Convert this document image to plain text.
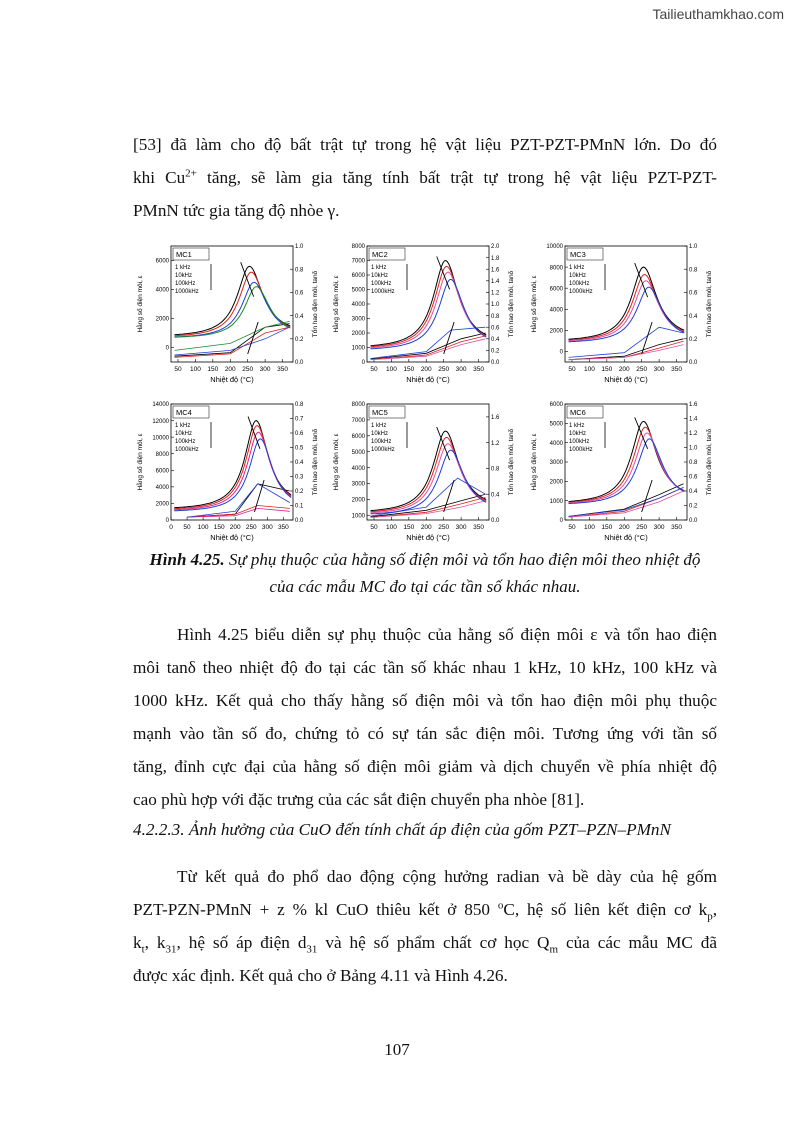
Tailieuthamkhao.com

[53] đã làm cho độ bất trật tự trong hệ vật liệu PZT-PZT-PMnN lớn. Do đó
khi $Cu^{2+}$ tăng, sẽ làm gia tăng tính bất trật tự trong hệ vật liệu PZT-PZT-
PMnN tức gia tăng độ nhòe γ.

50 100 150 200 250 300 350
0
2000
4000
6000
0.0
0.2
0.4
0.6
0.8
1.0
Nhiệt độ (°C)
Hằng số điện môi, ε	Tổn hao điện môi, tanδ
MC1
1 kHz
10kHz
100kHz
1000kHz
50 100 150 200 250 300 350
0
1000
2000
3000
4000
5000
6000
7000
8000
0.0
0.2
0.4
0.6
0.8
1.0
1.2
1.4
1.6
1.8
2.0
Nhiệt độ (°C)
Hằng số điện môi, ε	Tổn hao điện môi, tanδ
MC2
1 kHz
10kHz
100kHz
1000kHz
50 100 150 200 250 300 350
0
2000
4000
6000
8000
10000
0.0
0.2
0.4
0.6
0.8
1.0
Nhiệt độ (°C)
Hằng số điện môi, ε	Tổn hao điện môi, tanδ
MC3
1 kHz
10kHz
100kHz
1000kHz
0 50 100 150 200 250 300 350
0
2000
4000
6000
8000
10000
12000
14000
0.0
0.1
0.2
0.3
0.4
0.5
0.6
0.7
0.8
Nhiệt độ (°C)
Hằng số điện môi, ε	Tổn hao điện môi, tanδ
MC4
1 kHz
10kHz
100kHz
1000kHz
50 100 150 200 250 300 350
1000
2000
3000
4000
5000
6000
7000
8000
0.0
0.4
0.8
1.2
1.6
Nhiệt độ (°C)
Hằng số điện môi, ε	Tổn hao điện môi, tanδ
MC5
1 kHz
10kHz
100kHz
1000kHz
50 100 150 200 250 300 350
0
1000
2000
3000
4000
5000
6000
0.0
0.2
0.4
0.6
0.8
1.0
1.2
1.4
1.6
Nhiệt độ (°C)
Hằng số điện môi, ε	Tổn hao điện môi, tanδ
MC6
1 kHz
10kHz
100kHz
1000kHz

Hình 4.25. Sự phụ thuộc của hằng số điện môi và tổn hao điện môi theo nhiệt độ
của các mẫu MC đo tại các tần số khác nhau.

Hình 4.25 biểu diễn sự phụ thuộc của hằng số điện môi ε và tổn hao điện
môi tanδ theo nhiệt độ đo tại các tần số khác nhau 1 kHz, 10 kHz, 100 kHz và
1000 kHz. Kết quả cho thấy hằng số điện môi và tổn hao điện môi phụ thuộc
mạnh vào tần số đo, chứng tỏ có sự tán sắc điện môi. Tương ứng với tần số
tăng, đỉnh cực đại của hằng số điện môi giảm và dịch chuyển về phía nhiệt độ
cao phù hợp với đặc trưng của các sắt điện chuyển pha nhòe [81].

4.2.2.3. Ảnh hưởng của CuO đến tính chất áp điện của gốm PZT–PZN–PMnN

Từ kết quả đo phổ dao động cộng hưởng radian và bề dày của hệ gốm
PZT-PZN-PMnN + z % kl CuO thiêu kết ở 850 $^o$C, hệ số liên kết điện cơ $k_p$,
$k_t$, $k_{31}$, hệ số áp điện $d_{31}$ và hệ số phẩm chất cơ học $Q_m$ của các mẫu MC đã
được xác định. Kết quả cho ở Bảng 4.11 và Hình 4.26.

107
